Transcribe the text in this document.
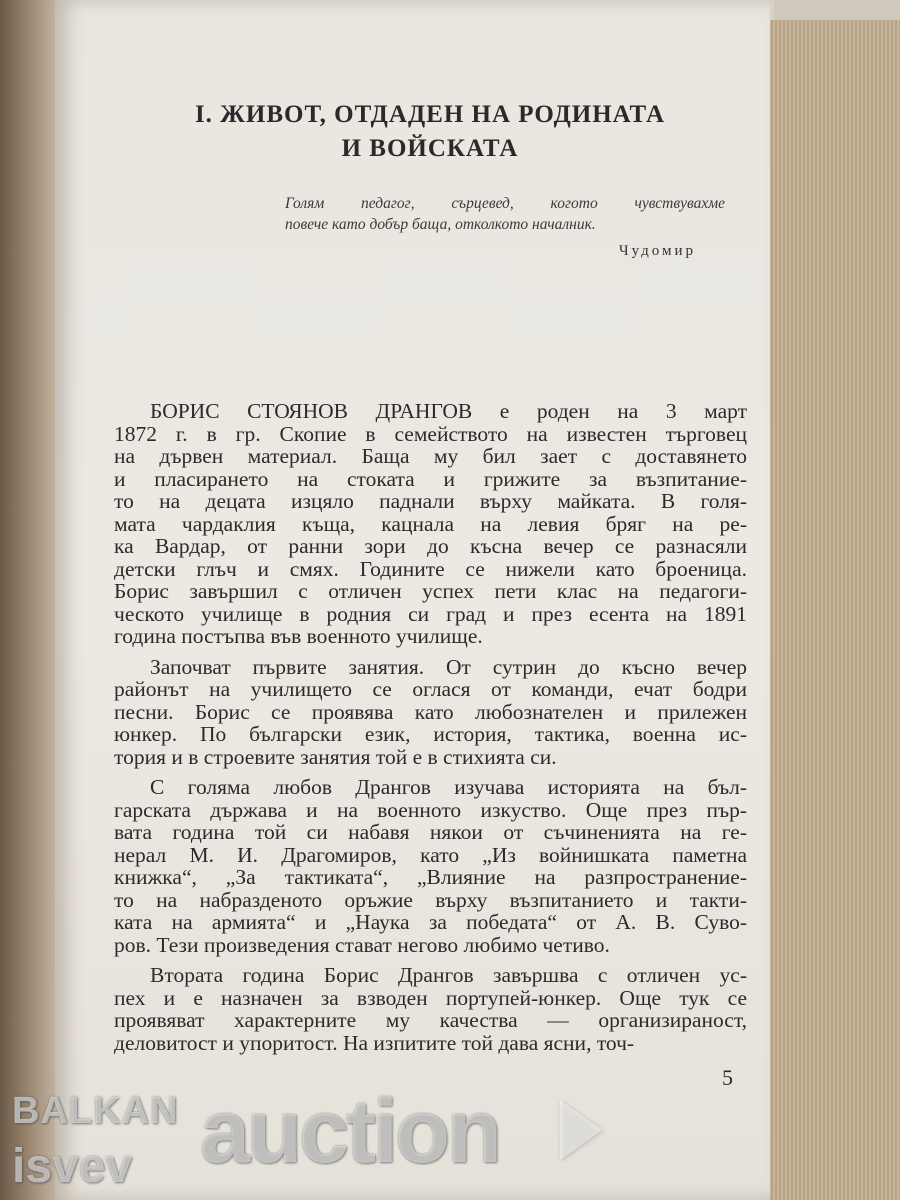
I. ЖИВОТ, ОТДАДЕН НА РОДИНАТА
И ВОЙСКАТА
Голям педагог, сърцевед, когото чувствувахме
повече като добър баща, отколкото началник.
Чудомир
БОРИС СТОЯНОВ ДРАНГОВ е роден на 3 март
1872 г. в гр. Скопие в семейството на известен търговец
на дървен материал. Баща му бил зает с доставянето
и пласирането на стоката и грижите за възпитание-
то на децата изцяло паднали върху майката. В голя-
мата чардаклия къща, кацнала на левия бряг на ре-
ка Вардар, от ранни зори до късна вечер се разнасяли
детски глъч и смях. Годините се нижели като броеница.
Борис завършил с отличен успех пети клас на педагоги-
ческото училище в родния си град и през есента на 1891
година постъпва във военното училище.
Започват първите занятия. От сутрин до късно вечер
районът на училището се оглася от команди, ечат бодри
песни. Борис се проявява като любознателен и прилежен
юнкер. По български език, история, тактика, военна ис-
тория и в строевите занятия той е в стихията си.
С голяма любов Дрангов изучава историята на бъл-
гарската държава и на военното изкуство. Още през пър-
вата година той си набавя някои от съчиненията на ге-
нерал М. И. Драгомиров, като „Из войнишката паметна
книжка“, „За тактиката“, „Влияние на разпространение-
то на набразденото оръжие върху възпитанието и такти-
ката на армията“ и „Наука за победата“ от А. В. Суво-
ров. Тези произведения стават негово любимо четиво.
Втората година Борис Дрангов завършва с отличен ус-
пех и е назначен за взводен портупей-юнкер. Още тук се
проявяват характерните му качества — организираност,
деловитост и упоритост. На изпитите той дава ясни, точ-
5
BALKAN auction
isvev
